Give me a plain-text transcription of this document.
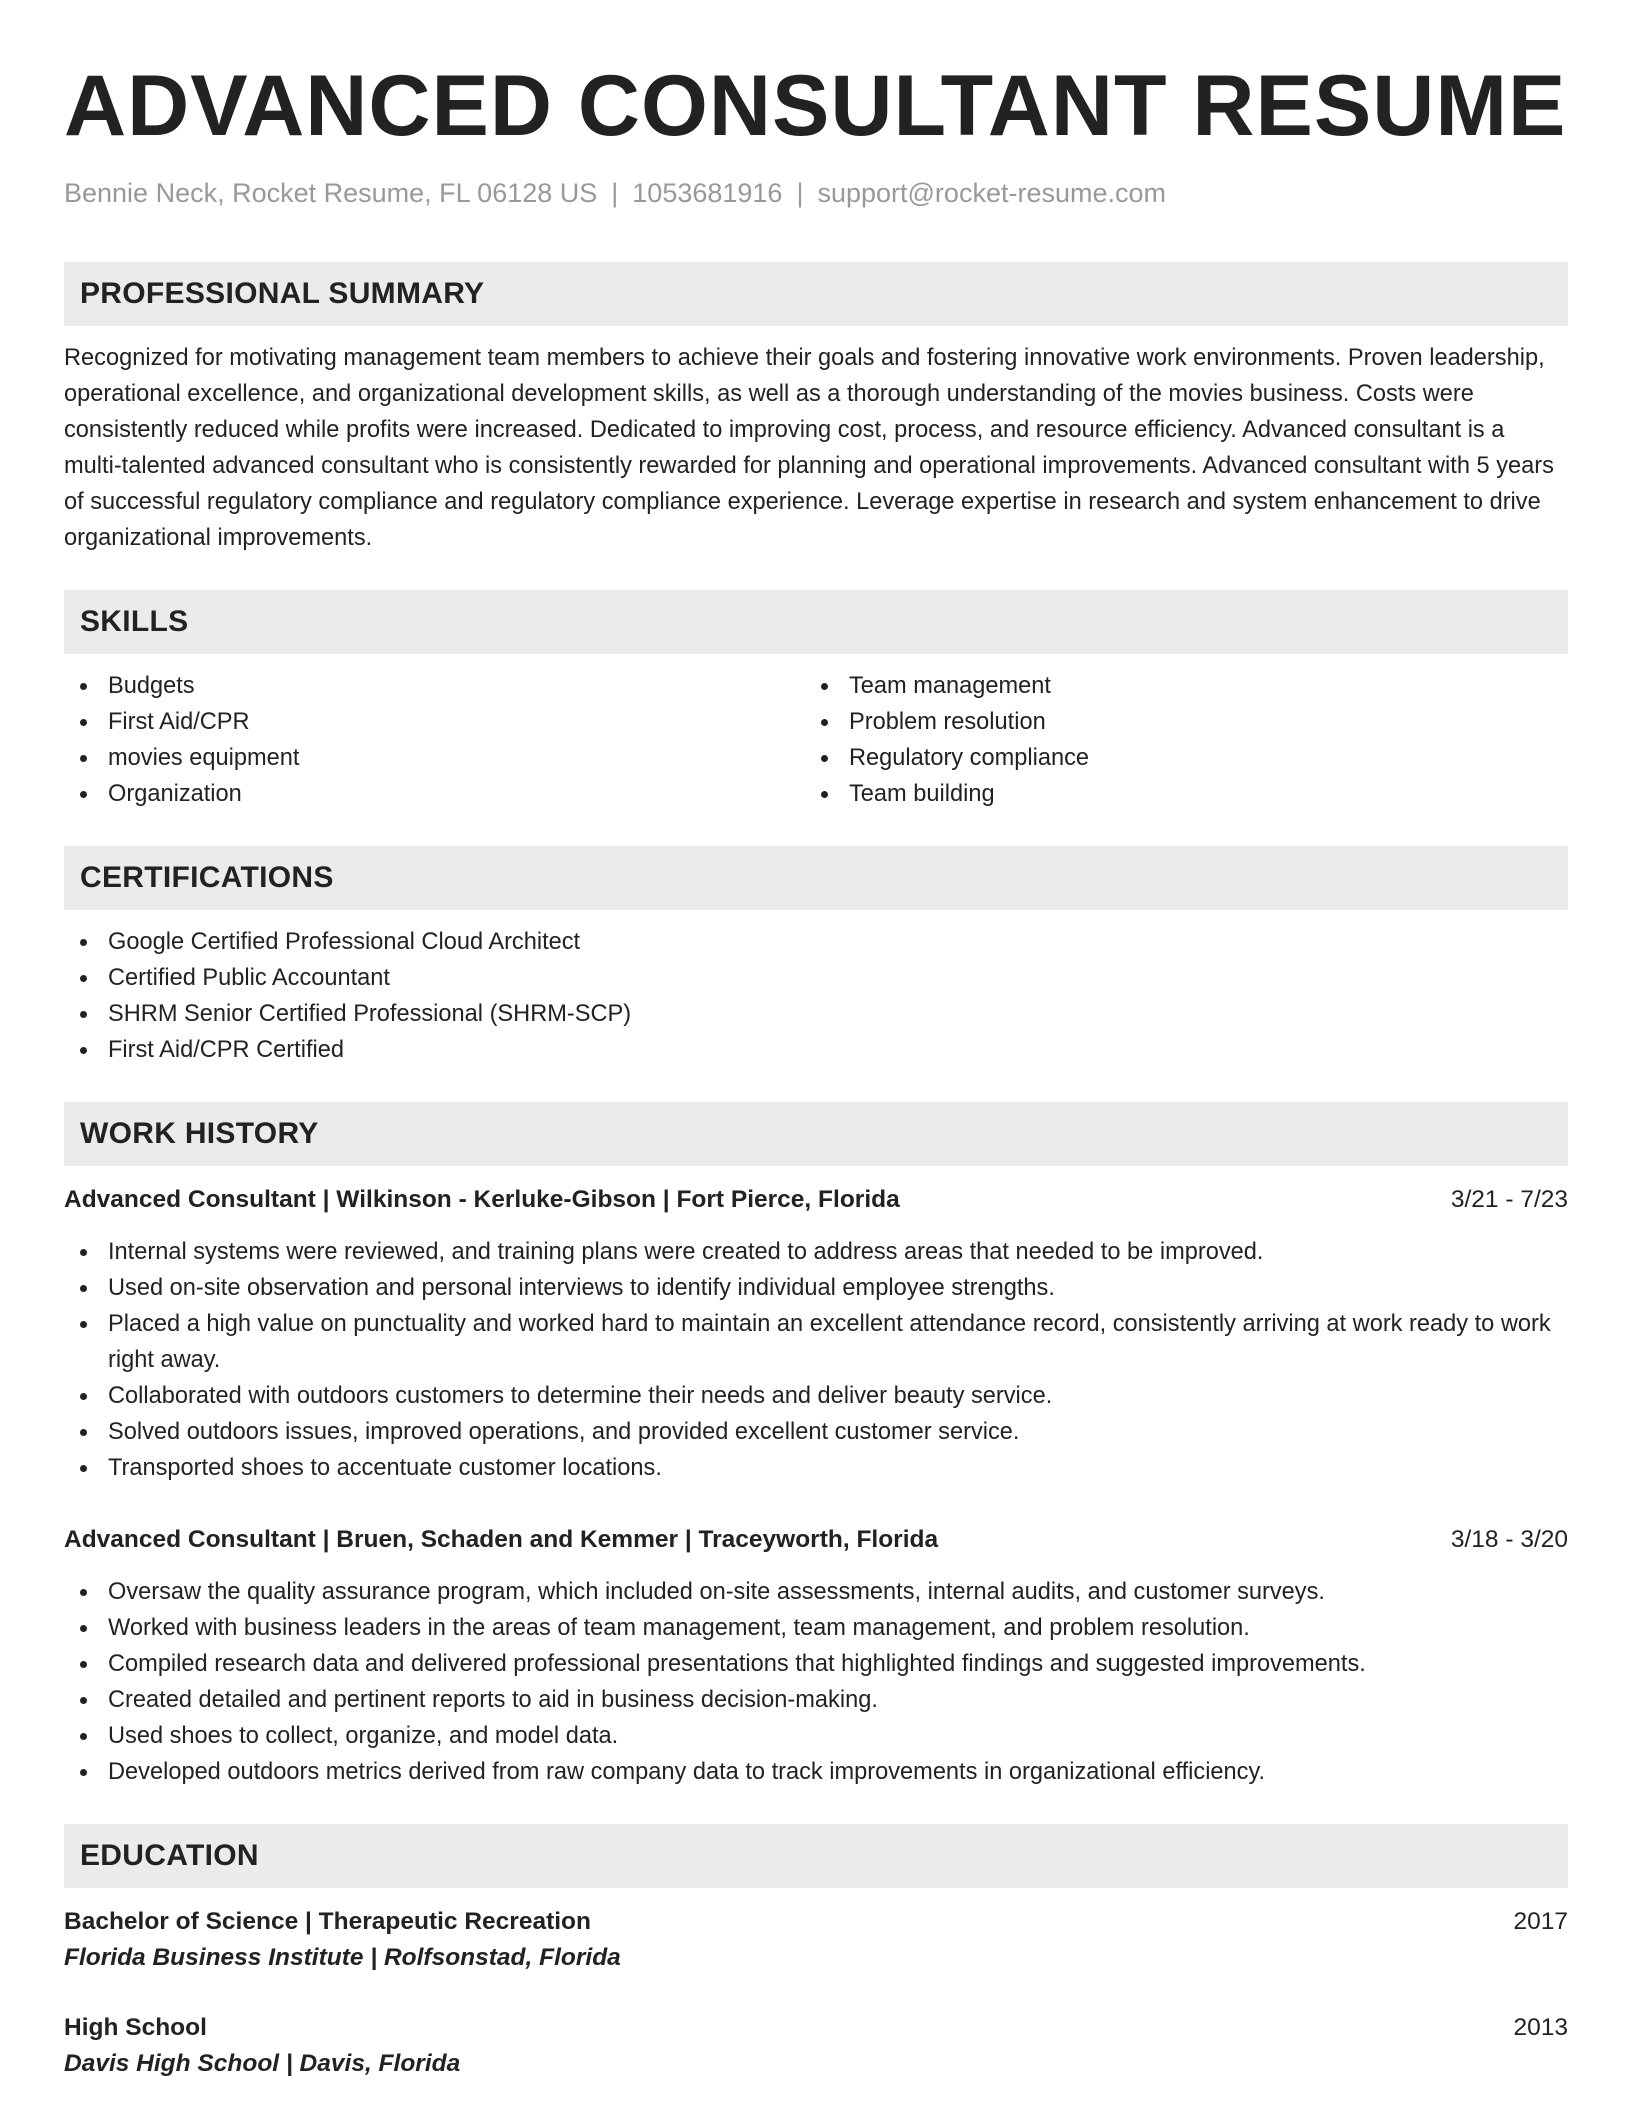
ADVANCED CONSULTANT RESUME
Bennie Neck, Rocket Resume, FL 06128 US | 1053681916 | support@rocket-resume.com
PROFESSIONAL SUMMARY

Recognized for motivating management team members to achieve their goals and fostering innovative work environments. Proven leadership, operational excellence, and organizational development skills, as well as a thorough understanding of the movies business. Costs were consistently reduced while profits were increased. Dedicated to improving cost, process, and resource efficiency. Advanced consultant is a multi-talented advanced consultant who is consistently rewarded for planning and operational improvements. Advanced consultant with 5 years of successful regulatory compliance and regulatory compliance experience. Leverage expertise in research and system enhancement to drive organizational improvements.

SKILLS
Budgets
First Aid/CPR
movies equipment
Organization
Team management
Problem resolution
Regulatory compliance
Team building
CERTIFICATIONS
Google Certified Professional Cloud Architect
Certified Public Accountant
SHRM Senior Certified Professional (SHRM-SCP)
First Aid/CPR Certified
WORK HISTORY
Advanced Consultant | Wilkinson - Kerluke-Gibson | Fort Pierce, Florida	3/21 - 7/23
Internal systems were reviewed, and training plans were created to address areas that needed to be improved.
Used on-site observation and personal interviews to identify individual employee strengths.
Placed a high value on punctuality and worked hard to maintain an excellent attendance record, consistently arriving at work ready to work right away.
Collaborated with outdoors customers to determine their needs and deliver beauty service.
Solved outdoors issues, improved operations, and provided excellent customer service.
Transported shoes to accentuate customer locations.
Advanced Consultant | Bruen, Schaden and Kemmer | Traceyworth, Florida	3/18 - 3/20
Oversaw the quality assurance program, which included on-site assessments, internal audits, and customer surveys.
Worked with business leaders in the areas of team management, team management, and problem resolution.
Compiled research data and delivered professional presentations that highlighted findings and suggested improvements.
Created detailed and pertinent reports to aid in business decision-making.
Used shoes to collect, organize, and model data.
Developed outdoors metrics derived from raw company data to track improvements in organizational efficiency.
EDUCATION
Bachelor of Science | Therapeutic Recreation	2017
Florida Business Institute | Rolfsonstad, Florida
High School	2013
Davis High School | Davis, Florida
